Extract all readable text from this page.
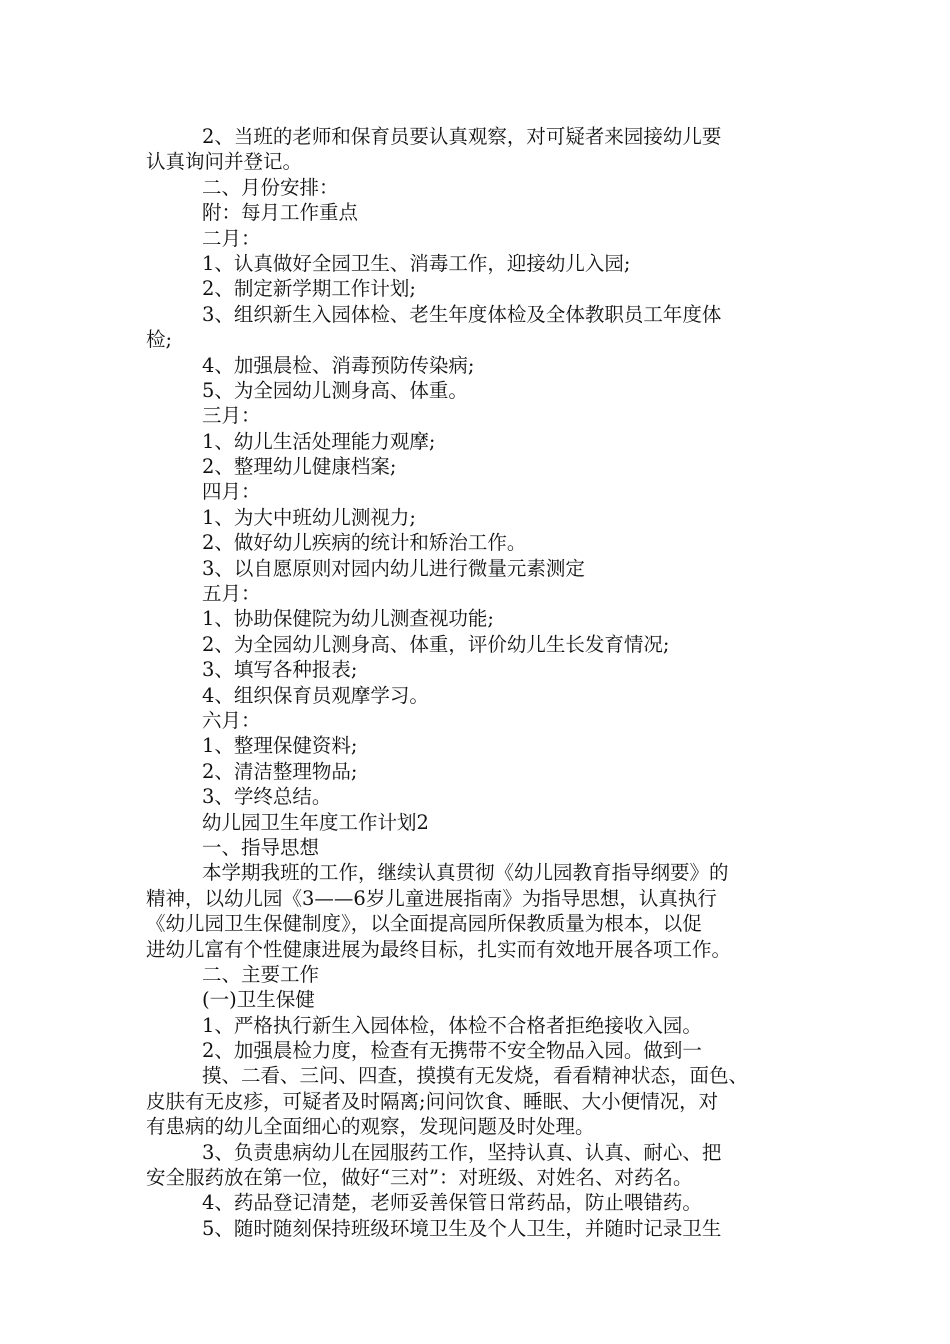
2、当班的老师和保育员要认真观察，对可疑者来园接幼儿要
认真询问并登记。
二、月份安排：
附：每月工作重点
二月：
1、认真做好全园卫生、消毒工作，迎接幼儿入园;
2、制定新学期工作计划;
3、组织新生入园体检、老生年度体检及全体教职员工年度体
检;
4、加强晨检、消毒预防传染病;
5、为全园幼儿测身高、体重。
三月：
1、幼儿生活处理能力观摩;
2、整理幼儿健康档案;
四月：
1、为大中班幼儿测视力;
2、做好幼儿疾病的统计和矫治工作。
3、以自愿原则对园内幼儿进行微量元素测定
五月：
1、协助保健院为幼儿测查视功能;
2、为全园幼儿测身高、体重，评价幼儿生长发育情况;
3、填写各种报表;
4、组织保育员观摩学习。
六月：
1、整理保健资料;
2、清洁整理物品;
3、学终总结。
幼儿园卫生年度工作计划2
一、指导思想
本学期我班的工作，继续认真贯彻《幼儿园教育指导纲要》的
精神，以幼儿园《3——6岁儿童进展指南》为指导思想，认真执行
《幼儿园卫生保健制度》，以全面提高园所保教质量为根本，以促
进幼儿富有个性健康进展为最终目标，扎实而有效地开展各项工作。
二、主要工作
(一)卫生保健
1、严格执行新生入园体检，体检不合格者拒绝接收入园。
2、加强晨检力度，检查有无携带不安全物品入园。做到一
摸、二看、三问、四查，摸摸有无发烧，看看精神状态，面色、
皮肤有无皮疹，可疑者及时隔离;问问饮食、睡眠、大小便情况，对
有患病的幼儿全面细心的观察，发现问题及时处理。
3、负责患病幼儿在园服药工作，坚持认真、认真、耐心、把
安全服药放在第一位，做好“三对”：对班级、对姓名、对药名。
4、药品登记清楚，老师妥善保管日常药品，防止喂错药。
5、随时随刻保持班级环境卫生及个人卫生，并随时记录卫生
